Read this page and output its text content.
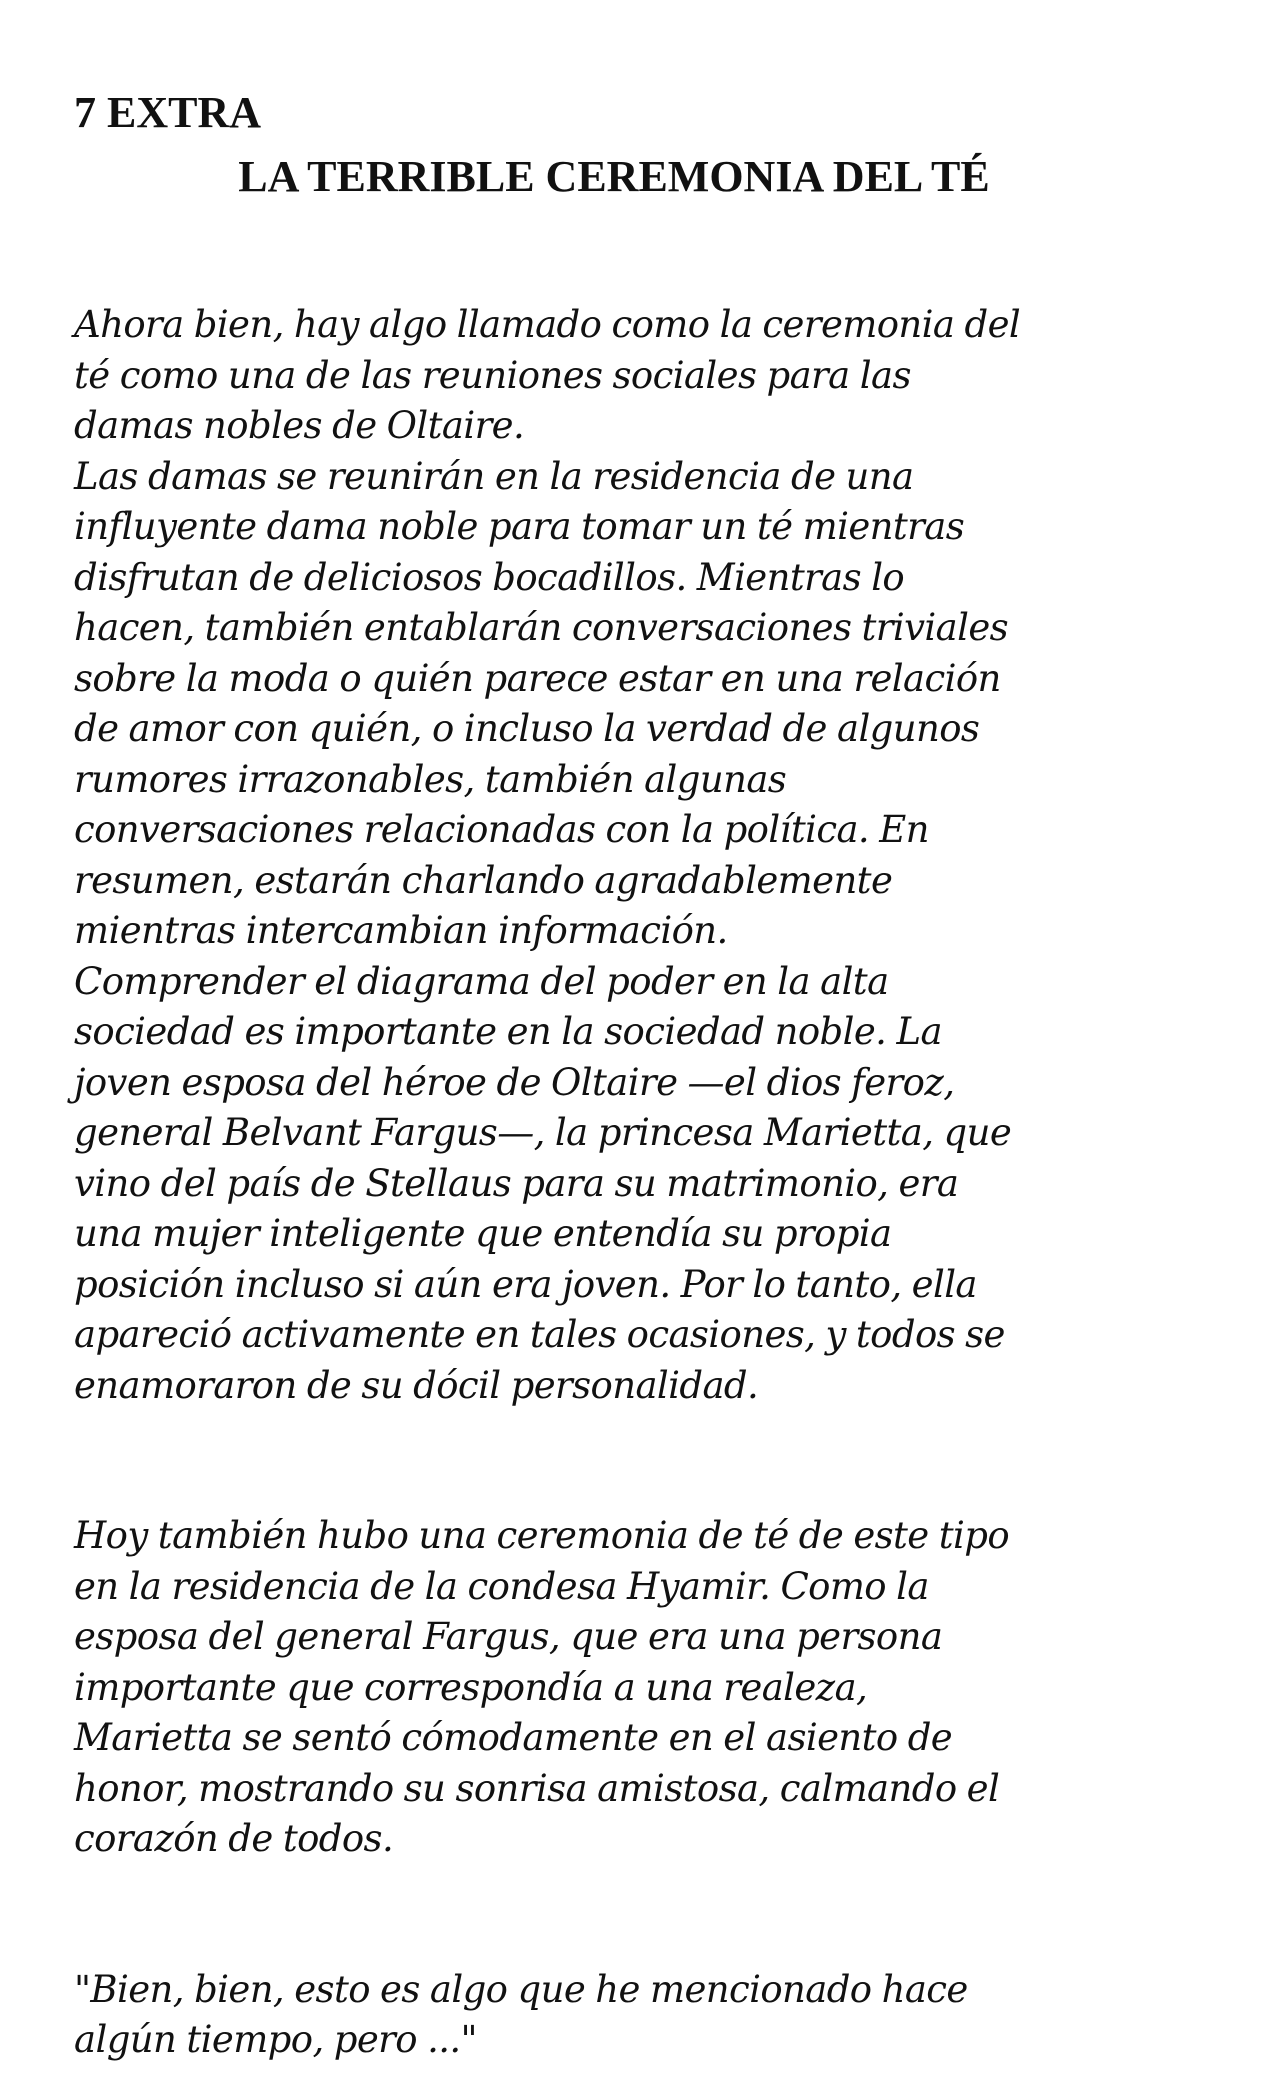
7 EXTRA
LA TERRIBLE CEREMONIA DEL TÉ

Ahora bien, hay algo llamado como la ceremonia del
té como una de las reuniones sociales para las
damas nobles de Oltaire.

Las damas se reunirán en la residencia de una
influyente dama noble para tomar un té mientras
disfrutan de deliciosos bocadillos. Mientras lo
hacen, también entablarán conversaciones triviales
sobre la moda o quién parece estar en una relación
de amor con quién, o incluso la verdad de algunos
rumores irrazonables, también algunas
conversaciones relacionadas con la política. En
resumen, estarán charlando agradablemente
mientras intercambian información.

Comprender el diagrama del poder en la alta
sociedad es importante en la sociedad noble. La
joven esposa del héroe de Oltaire —el dios feroz,
general Belvant Fargus—, la princesa Marietta, que
vino del país de Stellaus para su matrimonio, era
una mujer inteligente que entendía su propia
posición incluso si aún era joven. Por lo tanto, ella
apareció activamente en tales ocasiones, y todos se
enamoraron de su dócil personalidad.

Hoy también hubo una ceremonia de té de este tipo
en la residencia de la condesa Hyamir. Como la
esposa del general Fargus, que era una persona
importante que correspondía a una realeza,
Marietta se sentó cómodamente en el asiento de
honor, mostrando su sonrisa amistosa, calmando el
corazón de todos.

"Bien, bien, esto es algo que he mencionado hace
algún tiempo, pero ..."
